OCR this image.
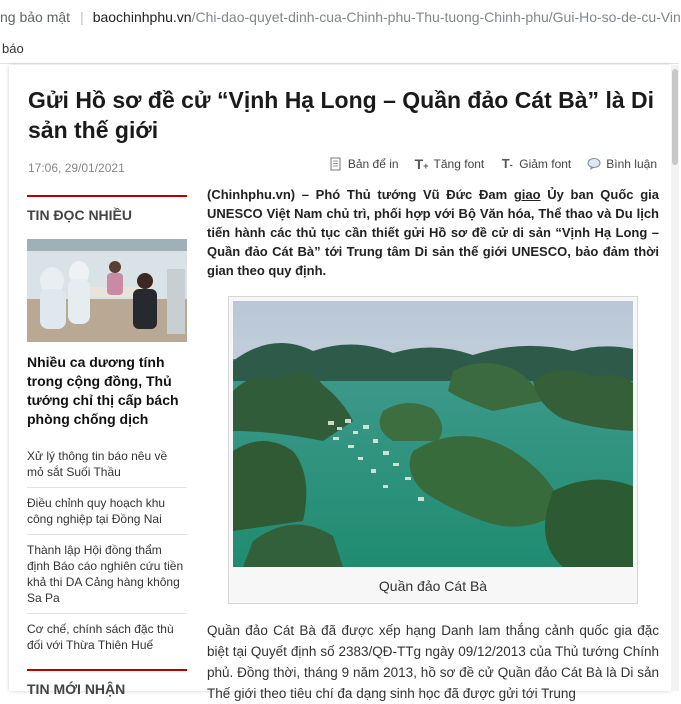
ng bảo mật | baochinhphu.vn /Chi-dao-quyet-dinh-cua-Chinh-phu-Thu-tuong-Chinh-phu/Gui-Ho-so-de-cu-Vin
báo
Gửi Hồ sơ đề cử “Vịnh Hạ Long – Quần đảo Cát Bà” là Di sản thế giới
17:06, 29/01/2021	Bản để in T+ Tăng font T- Giảm font	Bình luận
TIN ĐỌC NHIỀU
Nhiều ca dương tính trong cộng đồng, Thủ tướng chỉ thị cấp bách phòng chống dịch
Xử lý thông tin báo nêu về mỏ sắt Suối Thầu
Điều chỉnh quy hoạch khu công nghiệp tại Đồng Nai
Thành lập Hội đồng thẩm định Báo cáo nghiên cứu tiền khả thi DA Cảng hàng không Sa Pa
Cơ chế, chính sách đặc thù đối với Thừa Thiên Huế
TIN MỚI NHẬN

(Chinhphu.vn) – Phó Thủ tướng Vũ Đức Đam giao Ủy ban Quốc gia UNESCO Việt Nam chủ trì, phối hợp với Bộ Văn hóa, Thể thao và Du lịch tiến hành các thủ tục cần thiết gửi Hồ sơ đề cử di sản “Vịnh Hạ Long – Quần đảo Cát Bà” tới Trung tâm Di sản thế giới UNESCO, bảo đảm thời gian theo quy định.

Quần đảo Cát Bà

Quần đảo Cát Bà đã được xếp hạng Danh lam thắng cảnh quốc gia đặc biệt tại Quyết định số 2383/QĐ-TTg ngày 09/12/2013 của Thủ tướng Chính phủ. Đồng thời, tháng 9 năm 2013, hồ sơ đề cử Quần đảo Cát Bà là Di sản Thế giới theo tiêu chí đa dạng sinh học đã được gửi tới Trung
